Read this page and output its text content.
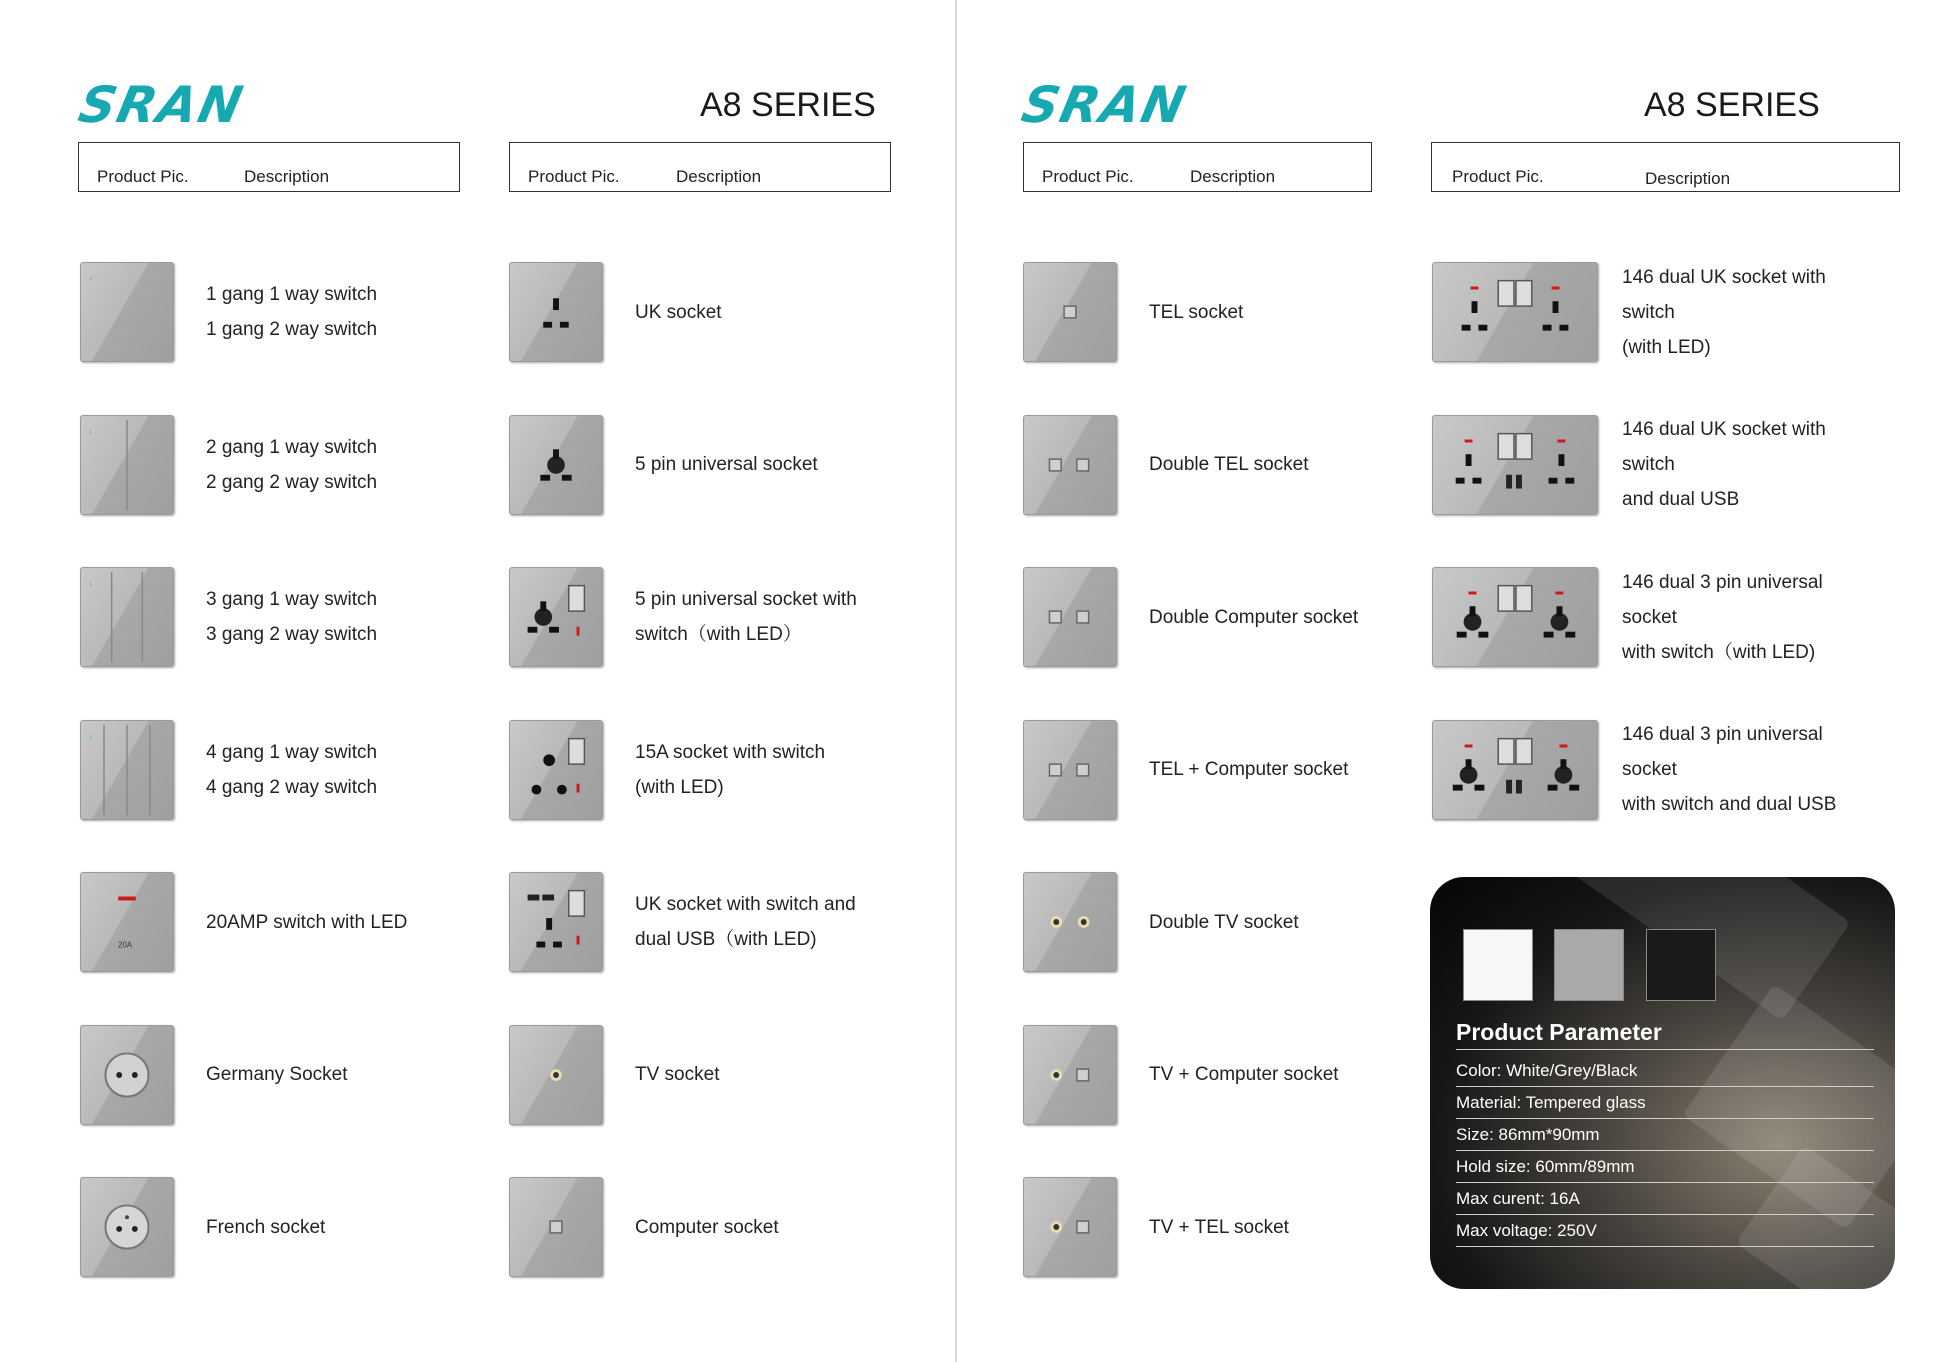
SRAN	A8 SERIES	SRAN	A8 SERIES
Product Pic.	Description	Product Pic.	Description	Product Pic.	Description	Product Pic.	Description
↓
1 gang 1 way switch
1 gang 2 way switch
↓
2 gang 1 way switch
2 gang 2 way switch
↓
3 gang 1 way switch
3 gang 2 way switch
↓
4 gang 1 way switch
4 gang 2 way switch
20A
20AMP switch with LED
Germany Socket
French socket
UK socket
5 pin universal socket
5 pin universal socket with
switch（with LED）
15A socket with switch
(with LED)
UK socket with switch and
dual USB（with LED)
TV socket
Computer socket
TEL socket
Double TEL socket
Double Computer socket
TEL + Computer socket
Double TV socket
TV + Computer socket
TV + TEL socket
146 dual UK socket with switch
(with LED)
146 dual UK socket with switch
and dual USB
146 dual 3 pin universal socket
with switch（with LED)
146 dual 3 pin universal socket
with switch and dual USB
Product Parameter
Color: White/Grey/Black
Material: Tempered glass
Size: 86mm*90mm
Hold size: 60mm/89mm
Max curent: 16A
Max voltage: 250V
